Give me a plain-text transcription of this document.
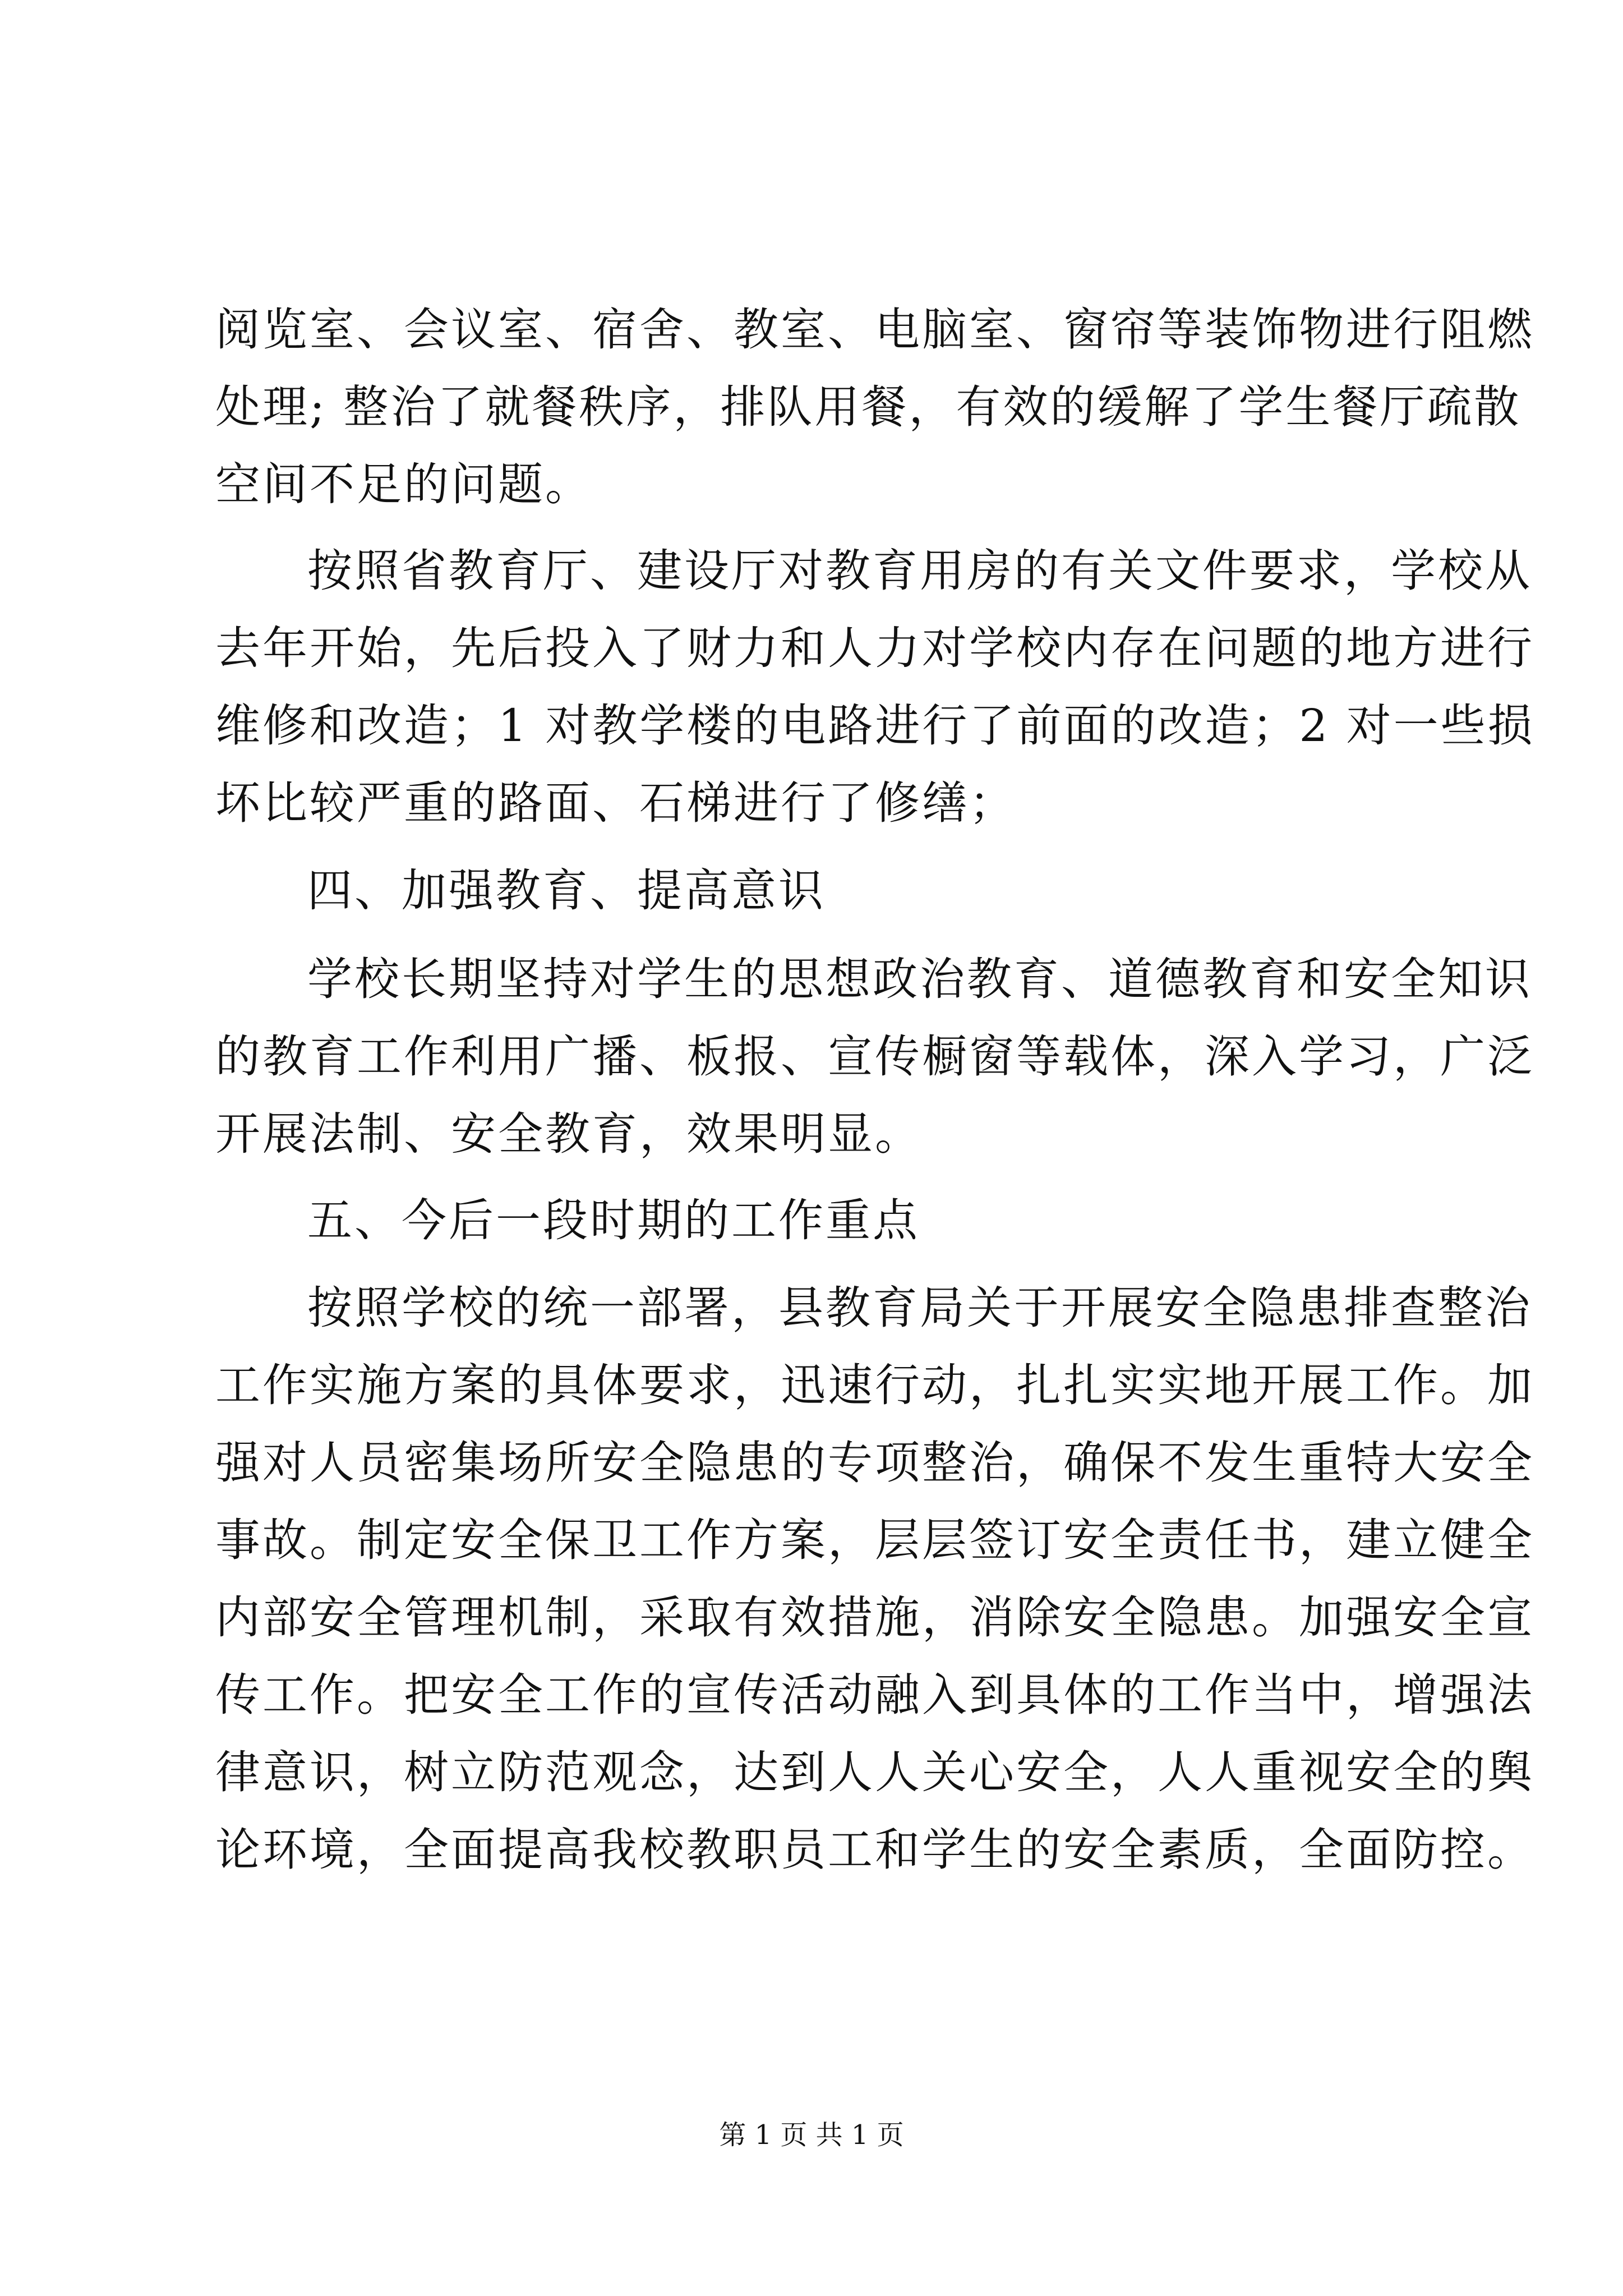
阅览室、会议室、宿舍、教室、电脑室、窗帘等装饰物进行阻燃
处理; 整治了就餐秩序，排队用餐，有效的缓解了学生餐厅疏散
空间不足的问题。
按照省教育厅、建设厅对教育用房的有关文件要求，学校从
去年开始，先后投入了财力和人力对学校内存在问题的地方进行
维修和改造；1 对教学楼的电路进行了前面的改造；2 对一些损
坏比较严重的路面、石梯进行了修缮；
四、加强教育、提高意识
学校长期坚持对学生的思想政治教育、道德教育和安全知识
的教育工作利用广播、板报、宣传橱窗等载体，深入学习，广泛
开展法制、安全教育，效果明显。
五、今后一段时期的工作重点
按照学校的统一部署，县教育局关于开展安全隐患排查整治
工作实施方案的具体要求，迅速行动，扎扎实实地开展工作。加
强对人员密集场所安全隐患的专项整治，确保不发生重特大安全
事故。制定安全保卫工作方案，层层签订安全责任书，建立健全
内部安全管理机制，采取有效措施，消除安全隐患。加强安全宣
传工作。把安全工作的宣传活动融入到具体的工作当中，增强法
律意识，树立防范观念，达到人人关心安全，人人重视安全的舆
论环境，全面提高我校教职员工和学生的安全素质，全面防控。
第 1 页 共 1 页
